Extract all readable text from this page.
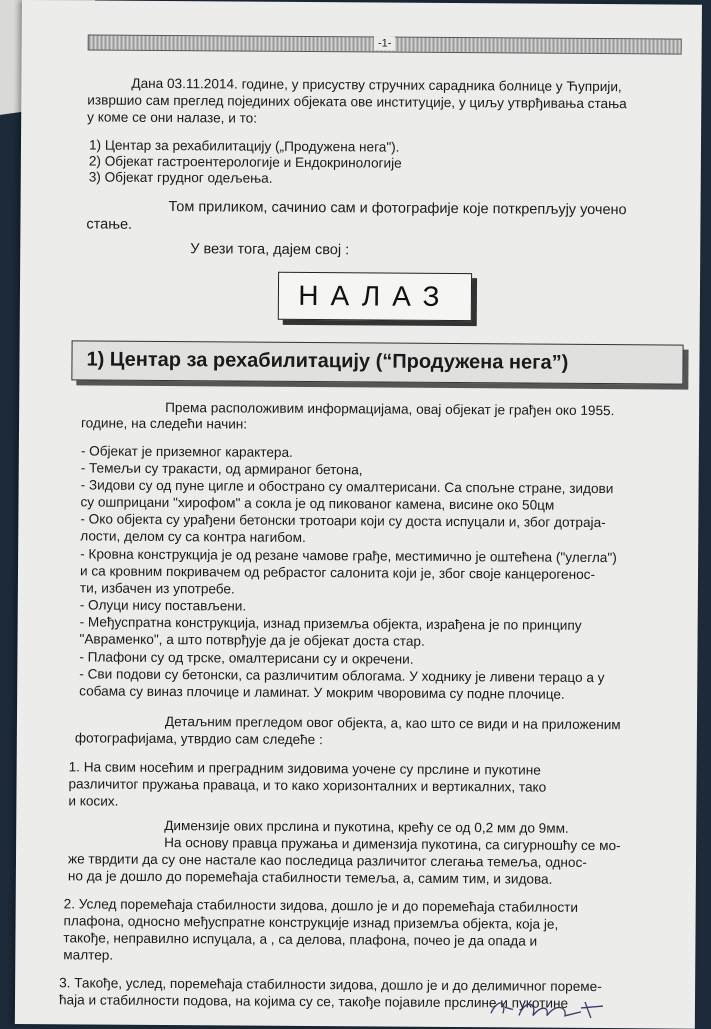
-1-
Дана 03.11.2014. године, у присуству стручних сарадника болнице у Ћуприји,
извршио сам преглед појединих објеката ове институције, у циљу утврђивања стања
у коме се они налазе, и то:
1) Центар за рехабилитацију („Продужена нега").
2) Објекат гастроентерологије и Ендокринологије
3) Објекат грудног одељења.
Том приликом, сачинио сам и фотографије које поткрепљују уочено
стање.
У вези тога, дајем свој :
НАЛАЗ
1) Центар за рехабилитацију (“Продужена нега”)
Према расположивим информацијама, овај објекат је грађен око 1955.
године, на следећи начин:
- Објекат је приземног карактера.
- Темељи су тракасти, од армираног бетона,
- Зидови су од пуне цигле и обострано су омалтерисани. Са спољне стране, зидови
су ошприцани "хирофом" а сокла је од пикованог камена, висине око 50цм
- Око објекта су урађени бетонски тротоари који су доста испуцали и, због дотраја-
лости, делом су са контра нагибом.
- Кровна конструкција је од резане чамове грађе, местимично је оштећена ("улегла")
и са кровним покривачем од ребрастог салонита који је, због своје канцерогенос-
ти, избачен из употребе.
- Олуци нису постављени.
- Међуспратна конструкција, изнад приземља објекта, израђена је по принципу
"Авраменко", а што потврђује да је објекат доста стар.
- Плафони су од трске, омалтерисани су и окречени.
- Сви подови су бетонски, са различитим облогама. У ходнику је ливени терацо а у
собама су виназ плочице и ламинат. У мокрим чворовима су подне плочице.
Детаљним прегледом овог објекта, а, као што се види и на приложеним
фотографијама, утврдио сам следеће :
1. На свим носећим и преградним зидовима уочене су прслине и пукотине
различитог пружања праваца, и то како хоризонталних и вертикалних, тако
и косих.
Димензије ових прслина и пукотина, крећу се од 0,2 мм до 9мм.
На основу правца пружања и димензија пукотина, са сигурношћу се мо-
же тврдити да су оне настале као последица различитог слегања темеља, однос-
но да је дошло до поремећаја стабилности темеља, а, самим тим, и зидова.
2. Услед поремећаја стабилности зидова, дошло је и до поремећаја стабилности
плафона, односно међуспратне конструкције изнад приземља објекта, која је,
такође, неправилно испуцала, а , са делова, плафона, почео је да опада и
малтер.
3. Такође, услед, поремећаја стабилности зидова, дошло је и до делимичног пореме-
ћаја и стабилности подова, на којима су се, такође појавиле прслине и пукотине
